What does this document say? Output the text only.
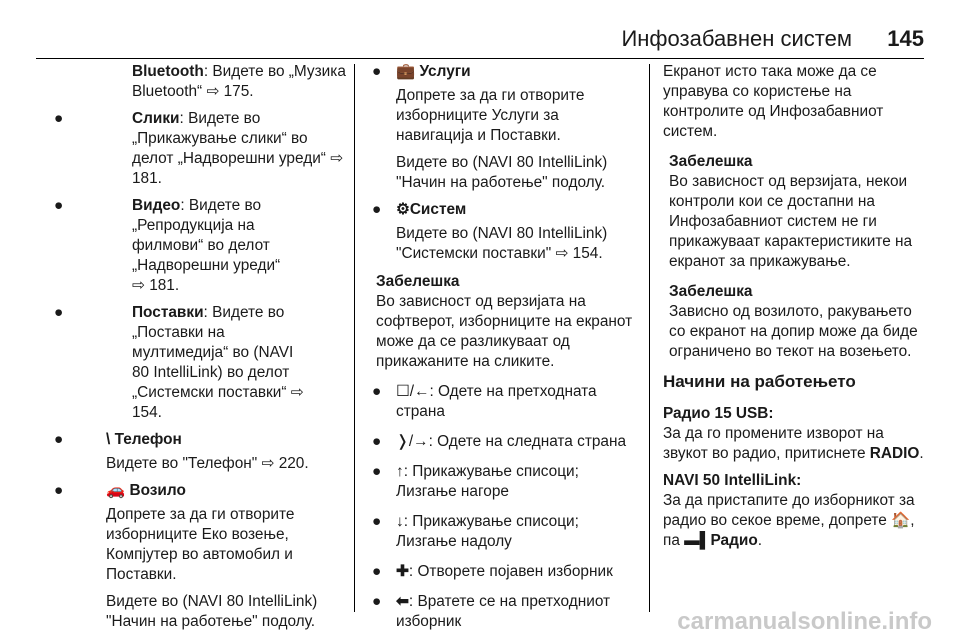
Инфозабавнен систем 145
Bluetooth: Видете во „Музика Bluetooth“ ⇨ 175.
●	Слики: Видете во „Прикажување слики“ во делот „Надворешни уреди“ ⇨ 181.
●	Видео: Видете во „Репродукција на филмови“ во делот „Надворешни уреди“ ⇨ 181.
●	Поставки: Видете во „Поставки на мултимедија“ во (NAVI 80 IntelliLink) во делот „Системски поставки“ ⇨ 154.
●	\ Телефон

Видете во "Телефон" ⇨ 220.

●	🚗 Возило

Допрете за да ги отворите изборниците Еко возење, Компјутер во автомобил и Поставки.

Видете во (NAVI 80 IntelliLink) "Начин на работење" подолу.

● 💼 Услуги

Допрете за да ги отворите изборниците Услуги за навигација и Поставки.

Видете во (NAVI 80 IntelliLink) "Начин на работење" подолу.

● ⚙Систем

Видете во (NAVI 80 IntelliLink) "Системски поставки" ⇨ 154.

Забелешка

Во зависност од верзијата на софтверот, изборниците на екранот може да се разликуваат од прикажаните на сликите.

● ☐/←: Одете на претходната страна
● ❭/→: Одете на следната страна
● ↑: Прикажување списоци; Лизгање нагоре
● ↓: Прикажување списоци; Лизгање надолу
● ✚: Отворете појавен изборник
● ⬅: Вратете се на претходниот изборник

Екранот исто така може да се управува со користење на контролите од Инфозабавниот систем.

Забелешка

Во зависност од верзијата, некои контроли кои се достапни на Инфозабавниот систем не ги прикажуваат карактеристиките на екранот за прикажување.

Забелешка

Зависно од возилото, ракувањето со екранот на допир може да биде ограничено во текот на возењето.

Начини на работењето

Радио 15 USB:

За да го промените изворот на звукот во радио, притиснете RADIO.

NAVI 50 IntelliLink:

За да пристапите до изборникот за радио во секое време, допрете 🏠, па ▬▌Радио.

carmanualsonline.info
